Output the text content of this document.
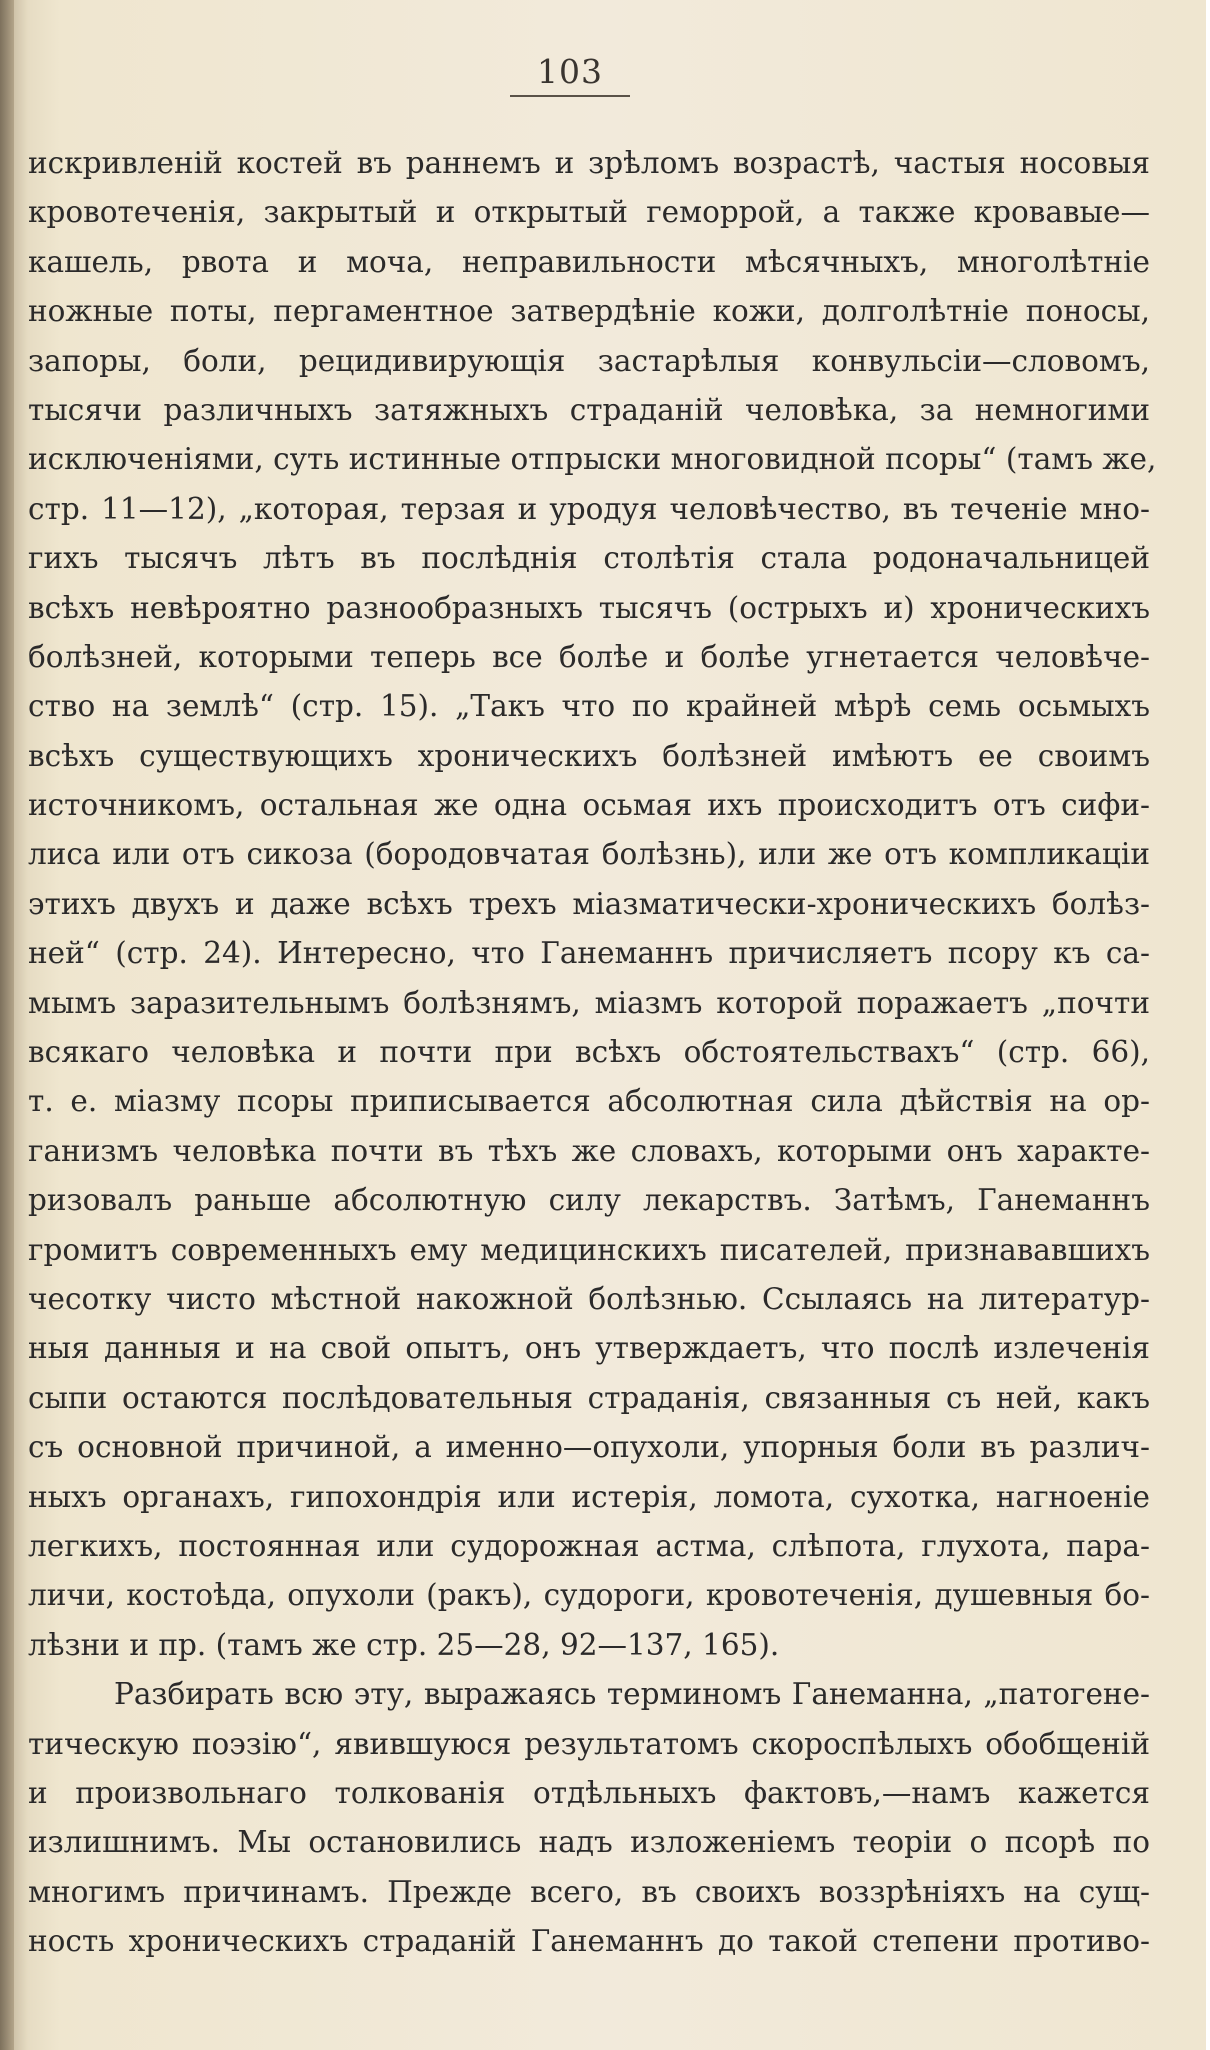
103
искривленій костей въ раннемъ и зрѣломъ возрастѣ, частыя носовыя
кровотеченія, закрытый и открытый геморрой, а также кровавые—
кашель, рвота и моча, неправильности мѣсячныхъ, многолѣтніе
ножные поты, пергаментное затвердѣніе кожи, долголѣтніе поносы,
запоры, боли, рецидивирующія застарѣлыя конвульсіи—словомъ,
тысячи различныхъ затяжныхъ страданій человѣка, за немногими
исключеніями, суть истинные отпрыски многовидной псоры“ (тамъ же,
стр. 11—12), „которая, терзая и уродуя человѣчество, въ теченіе мно-
гихъ тысячъ лѣтъ въ послѣднія столѣтія стала родоначальницей
всѣхъ невѣроятно разнообразныхъ тысячъ (острыхъ и) хроническихъ
болѣзней, которыми теперь все болѣе и болѣе угнетается человѣче-
ство на землѣ“ (стр. 15). „Такъ что по крайней мѣрѣ семь осьмыхъ
всѣхъ существующихъ хроническихъ болѣзней имѣютъ ее своимъ
источникомъ, остальная же одна осьмая ихъ происходитъ отъ сифи-
лиса или отъ сикоза (бородовчатая болѣзнь), или же отъ компликаціи
этихъ двухъ и даже всѣхъ трехъ міазматически-хроническихъ болѣз-
ней“ (стр. 24). Интересно, что Ганеманнъ причисляетъ псору къ са-
мымъ заразительнымъ болѣзнямъ, міазмъ которой поражаетъ „почти
всякаго человѣка и почти при всѣхъ обстоятельствахъ“ (стр. 66),
т. е. міазму псоры приписывается абсолютная сила дѣйствія на ор-
ганизмъ человѣка почти въ тѣхъ же словахъ, которыми онъ характе-
ризовалъ раньше абсолютную силу лекарствъ. Затѣмъ, Ганеманнъ
громитъ современныхъ ему медицинскихъ писателей, признававшихъ
чесотку чисто мѣстной накожной болѣзнью. Ссылаясь на литератур-
ныя данныя и на свой опытъ, онъ утверждаетъ, что послѣ излеченія
сыпи остаются послѣдовательныя страданія, связанныя съ ней, какъ
съ основной причиной, а именно—опухоли, упорныя боли въ различ-
ныхъ органахъ, гипохондрія или истерія, ломота, сухотка, нагноеніе
легкихъ, постоянная или судорожная астма, слѣпота, глухота, пара-
личи, костоѣда, опухоли (ракъ), судороги, кровотеченія, душевныя бо-
лѣзни и пр. (тамъ же стр. 25—28, 92—137, 165).
Разбирать всю эту, выражаясь терминомъ Ганеманна, „патогене-
тическую поэзію“, явившуюся результатомъ скороспѣлыхъ обобщеній
и произвольнаго толкованія отдѣльныхъ фактовъ,—намъ кажется
излишнимъ. Мы остановились надъ изложеніемъ теоріи о псорѣ по
многимъ причинамъ. Прежде всего, въ своихъ воззрѣніяхъ на сущ-
ность хроническихъ страданій Ганеманнъ до такой степени противо-
